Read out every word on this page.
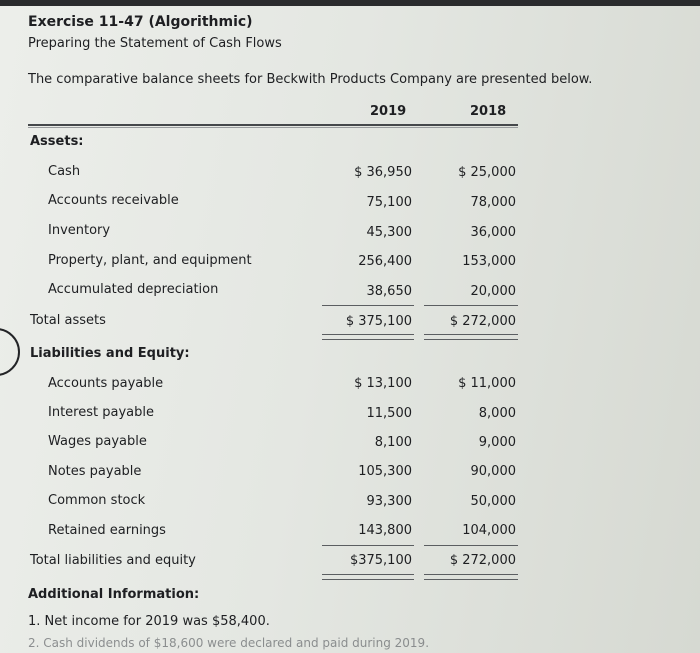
Exercise 11-47 (Algorithmic)
Preparing the Statement of Cash Flows
The comparative balance sheets for Beckwith Products Company are presented below.
2019	2018
Assets:
Cash	$ 36,950	$ 25,000
Accounts receivable	75,100	78,000
Inventory	45,300	36,000
Property, plant, and equipment	256,400	153,000
Accumulated depreciation	38,650	20,000
Total assets	$ 375,100	$ 272,000
Liabilities and Equity:
Accounts payable	$ 13,100	$ 11,000
Interest payable	11,500	8,000
Wages payable	8,100	9,000
Notes payable	105,300	90,000
Common stock	93,300	50,000
Retained earnings	143,800	104,000
Total liabilities and equity	$375,100	$ 272,000
Additional Information:
1. Net income for 2019 was $58,400.
2. Cash dividends of $18,600 were declared and paid during 2019.
